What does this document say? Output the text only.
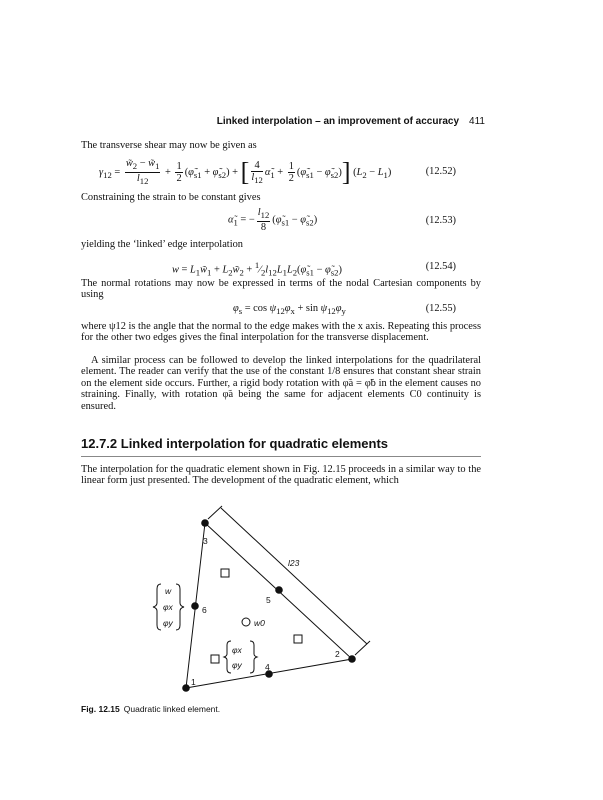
Linked interpolation – an improvement of accuracy 411
The transverse shear may now be given as
$\gamma_{12} = \frac{w̃_2 - w̃_1}{l_{12}} + \frac{1}{2}$ ($\varphĩ_{s1}$ + $\varphĩ_{s2}$) + [ $\frac{4}{l_{12}}$ $\alphã_1 + \frac{1}{2}$ ($\varphĩ_{s1}$ − $\varphĩ_{s2}$)] $(L_2 - L_1)$	(12.52)
Constraining the strain to be constant gives
$\alphã_1$ = − $\frac{l_{12}}{8}$ ($\varphĩ_{s1}$ − $\varphĩ_{s2}$)	(12.53)
yielding the ‘linked’ edge interpolation
$w = L_1w̃_1$ + $L_2w̃_2$ + $^1⁄_2l_{12}L_1L_2(\varphĩ_{s1}$ − $\varphĩ_{s2}$)	(12.54)
The normal rotations may now be expressed in terms of the nodal Cartesian components by using
$\varphi_s = \cos \psi_{12}\varphi_x + \sin \psi_{12}\varphi_y$	(12.55)
where ψ12 is the angle that the normal to the edge makes with the x axis. Repeating this process for the other two edges gives the final interpolation for the transverse displacement.
A similar process can be followed to develop the linked interpolations for the quadrilateral element. The reader can verify that the use of the constant 1/8 ensures that constant shear strain on the element side occurs. Further, a rigid body rotation with φ̃a = φ̃b in the element causes no straining. Finally, with rotation φ̃a being the same for adjacent elements C0 continuity is ensured.
12.7.2 Linked interpolation for quadratic elements
The interpolation for the quadratic element shown in Fig. 12.15 proceeds in a similar way to the linear form just presented. The development of the quadratic element, which
3
5
2
4
1
6
l23
w0
w
φx
φy
φx
φy
Fig. 12.15 Quadratic linked element.
